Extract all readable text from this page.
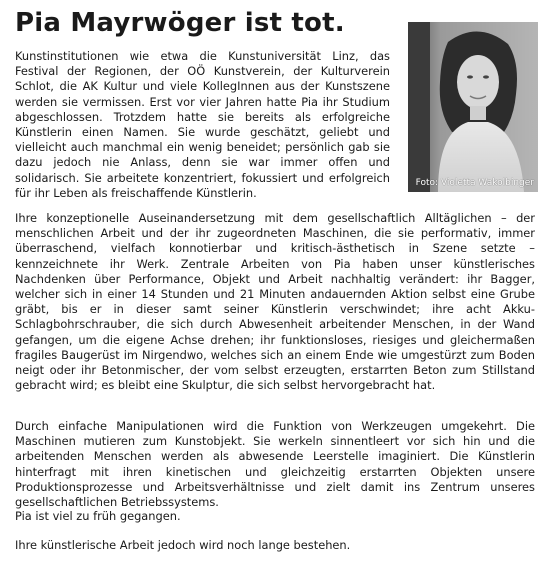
Pia Mayrwöger ist tot.

Kunstinstitutionen wie etwa die Kunstuniversität Linz, das Festival der Regionen, der OÖ Kunstverein, der Kulturverein Schlot, die AK Kultur und viele KollegInnen aus der Kunstszene werden sie vermissen. Erst vor vier Jahren hatte Pia ihr Studium abgeschlossen. Trotzdem hatte sie bereits als erfolgreiche Künstlerin einen Namen. Sie wurde geschätzt, geliebt und vielleicht auch manchmal ein wenig beneidet; persönlich gab sie dazu jedoch nie Anlass, denn sie war immer offen und solidarisch. Sie arbeitete konzentriert, fokussiert und erfolgreich für ihr Leben als freischaffende Künstlerin.

Foto: Violetta Wakolbinger

Ihre konzeptionelle Auseinandersetzung mit dem gesellschaftlich Alltäglichen – der menschlichen Arbeit und der ihr zugeordneten Maschinen, die sie performativ, immer überraschend, vielfach konnotierbar und kritisch-ästhetisch in Szene setzte – kennzeichnete ihr Werk. Zentrale Arbeiten von Pia haben unser künstlerisches Nachdenken über Performance, Objekt und Arbeit nachhaltig verändert: ihr Bagger, welcher sich in einer 14 Stunden und 21 Minuten andauernden Aktion selbst eine Grube gräbt, bis er in dieser samt seiner Künstlerin verschwindet; ihre acht Akku-Schlagbohrschrauber, die sich durch Abwesenheit arbeitender Menschen, in der Wand gefangen, um die eigene Achse drehen; ihr funktionsloses, riesiges und gleichermaßen fragiles Baugerüst im Nirgendwo, welches sich an einem Ende wie umgestürzt zum Boden neigt oder ihr Betonmischer, der vom selbst erzeugten, erstarrten Beton zum Stillstand gebracht wird; es bleibt eine Skulptur, die sich selbst hervorgebracht hat.

Durch einfache Manipulationen wird die Funktion von Werkzeugen umgekehrt. Die Maschinen mutieren zum Kunstobjekt. Sie werkeln sinnentleert vor sich hin und die arbeitenden Menschen werden als abwesende Leerstelle imaginiert. Die Künstlerin hinterfragt mit ihren kinetischen und gleichzeitig erstarrten Objekten unsere Produktionsprozesse und Arbeitsverhältnisse und zielt damit ins Zentrum unseres gesellschaftlichen Betriebssystems.

Pia ist viel zu früh gegangen.

Ihre künstlerische Arbeit jedoch wird noch lange bestehen.
